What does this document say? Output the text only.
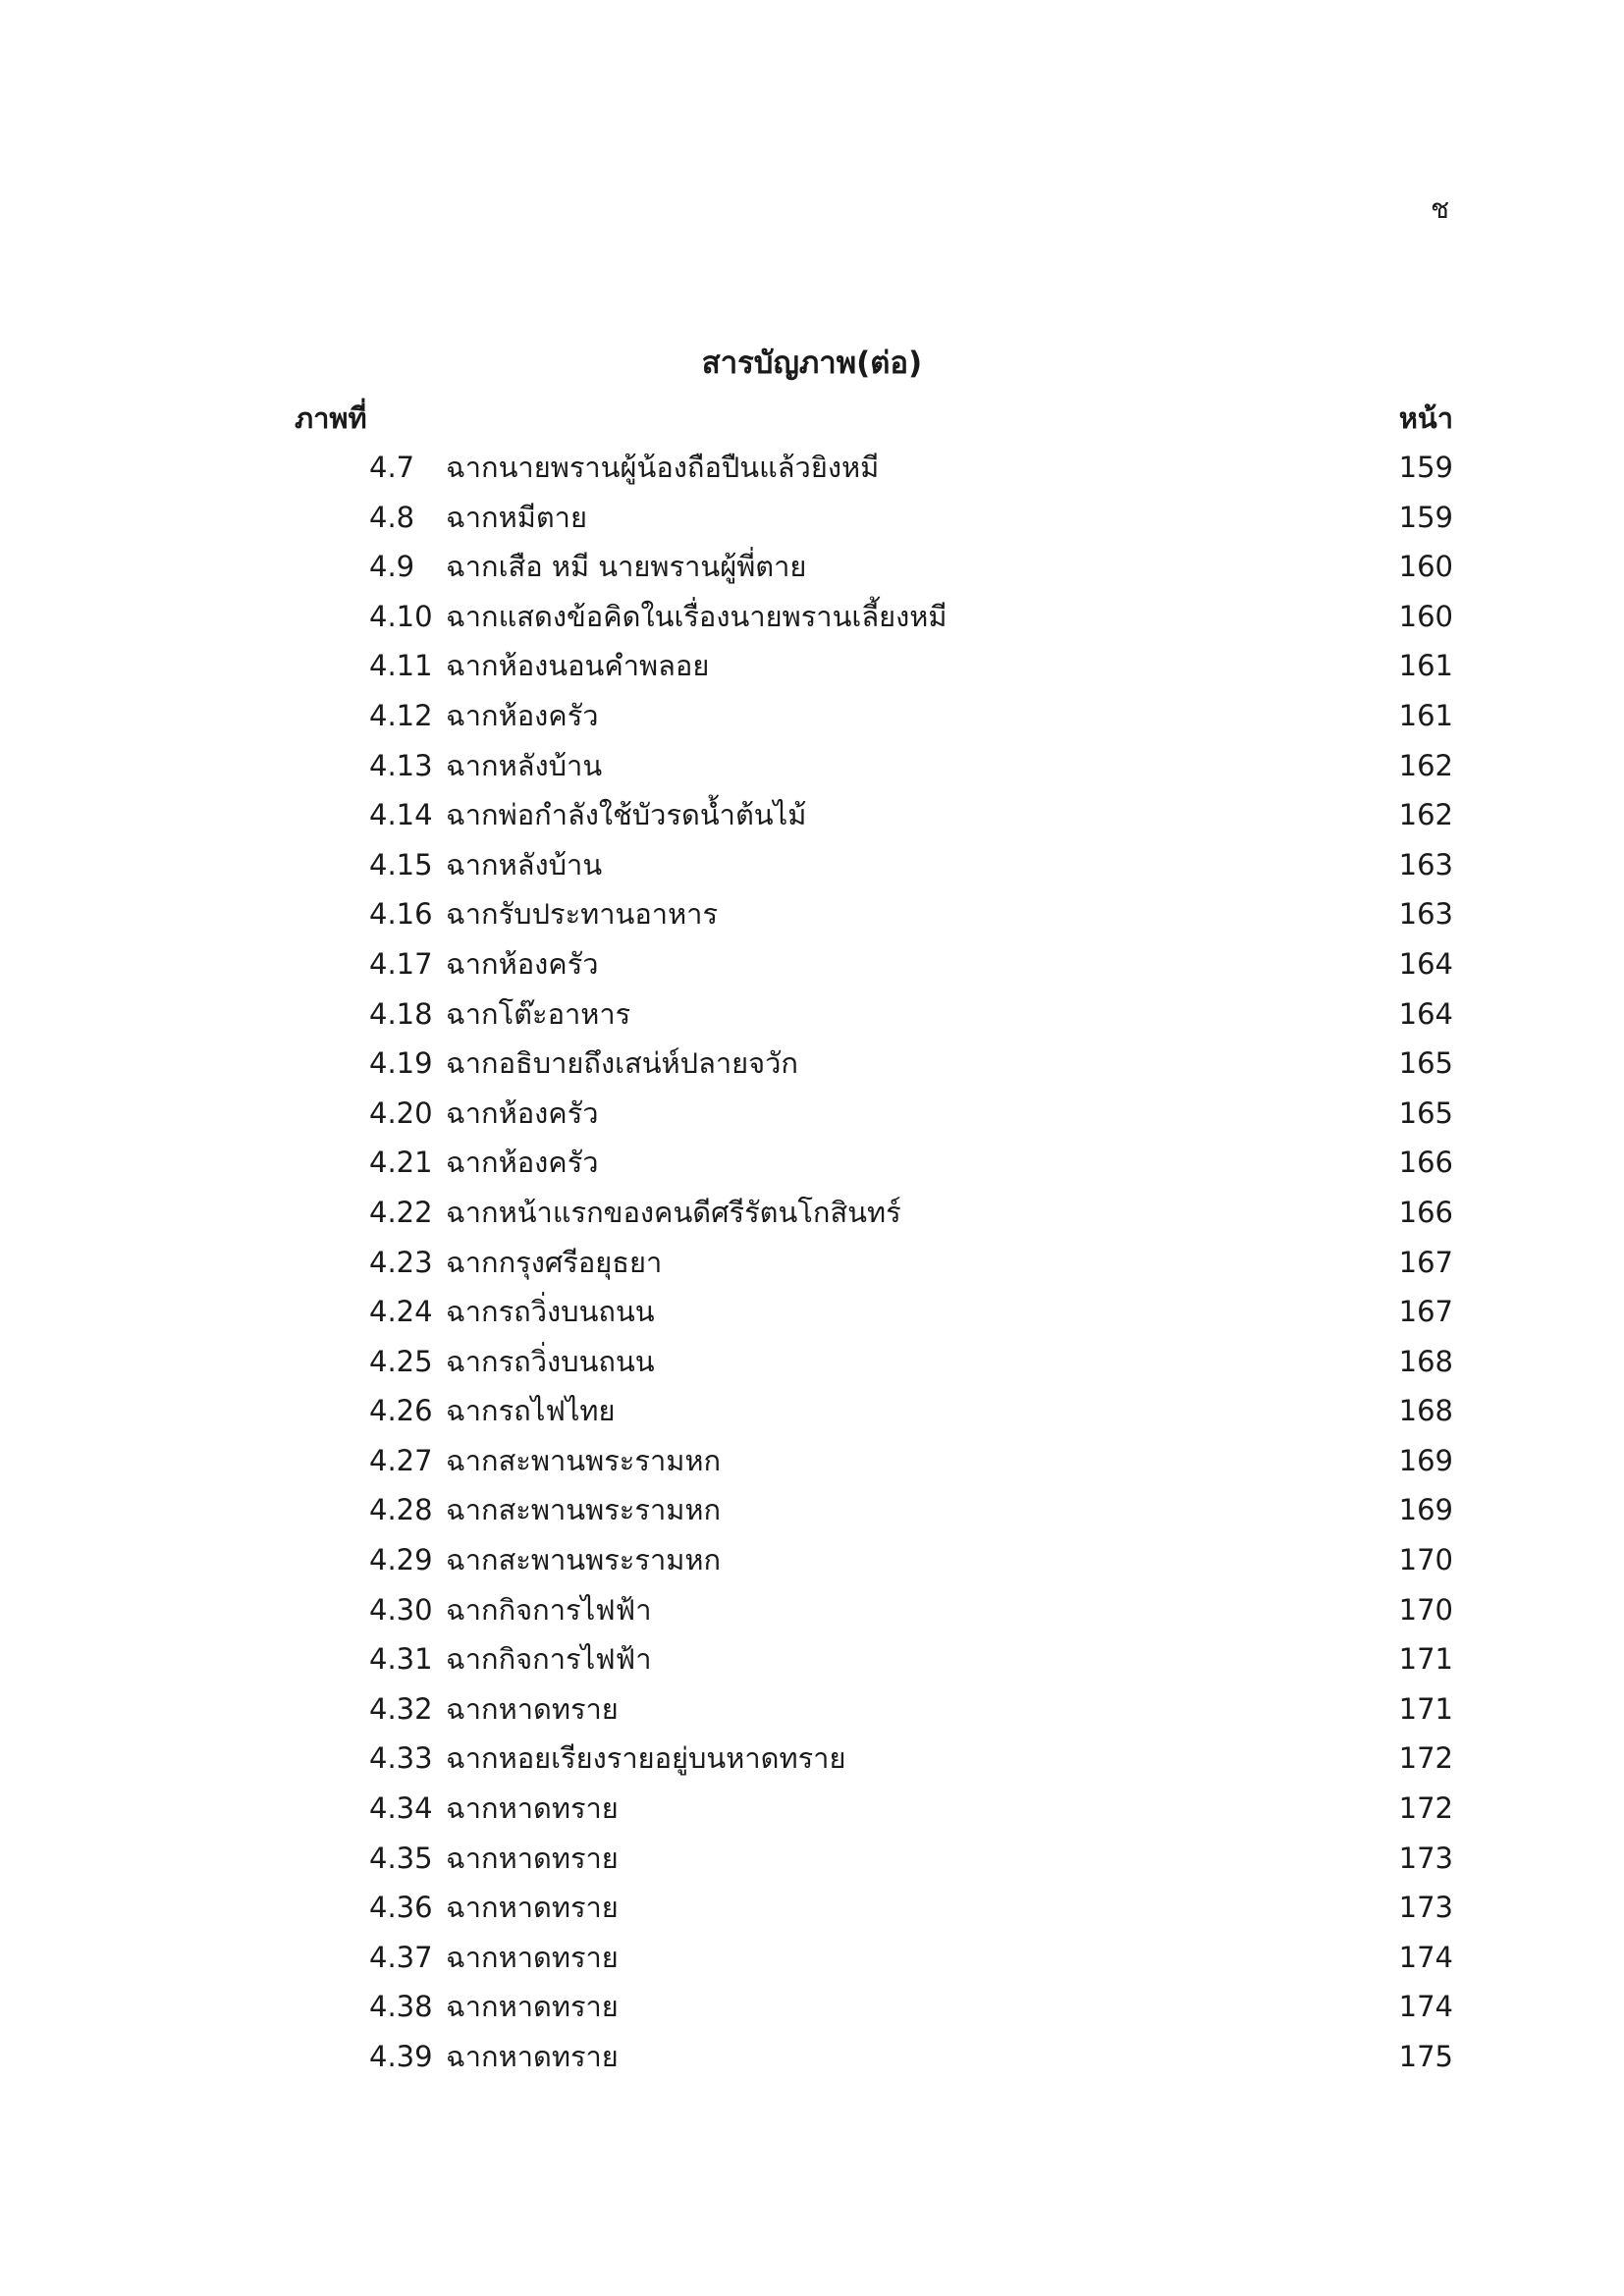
ช
สารบัญภาพ(ต่อ)
ภาพที่	หน้า
4.7	ฉากนายพรานผู้น้องถือปืนแล้วยิงหมี	159
4.8	ฉากหมีตาย	159
4.9	ฉากเสือ หมี นายพรานผู้พี่ตาย	160
4.10 ฉากแสดงข้อคิดในเรื่องนายพรานเลี้ยงหมี	160
4.11 ฉากห้องนอนคำพลอย	161
4.12 ฉากห้องครัว	161
4.13 ฉากหลังบ้าน	162
4.14 ฉากพ่อกำลังใช้บัวรดน้ำต้นไม้	162
4.15 ฉากหลังบ้าน	163
4.16 ฉากรับประทานอาหาร	163
4.17 ฉากห้องครัว	164
4.18 ฉากโต๊ะอาหาร	164
4.19 ฉากอธิบายถึงเสน่ห์ปลายจวัก	165
4.20 ฉากห้องครัว	165
4.21 ฉากห้องครัว	166
4.22 ฉากหน้าแรกของคนดีศรีรัตนโกสินทร์	166
4.23 ฉากกรุงศรีอยุธยา	167
4.24 ฉากรถวิ่งบนถนน	167
4.25 ฉากรถวิ่งบนถนน	168
4.26 ฉากรถไฟไทย	168
4.27 ฉากสะพานพระรามหก	169
4.28 ฉากสะพานพระรามหก	169
4.29 ฉากสะพานพระรามหก	170
4.30 ฉากกิจการไฟฟ้า	170
4.31 ฉากกิจการไฟฟ้า	171
4.32 ฉากหาดทราย	171
4.33 ฉากหอยเรียงรายอยู่บนหาดทราย	172
4.34 ฉากหาดทราย	172
4.35 ฉากหาดทราย	173
4.36 ฉากหาดทราย	173
4.37 ฉากหาดทราย	174
4.38 ฉากหาดทราย	174
4.39 ฉากหาดทราย	175
